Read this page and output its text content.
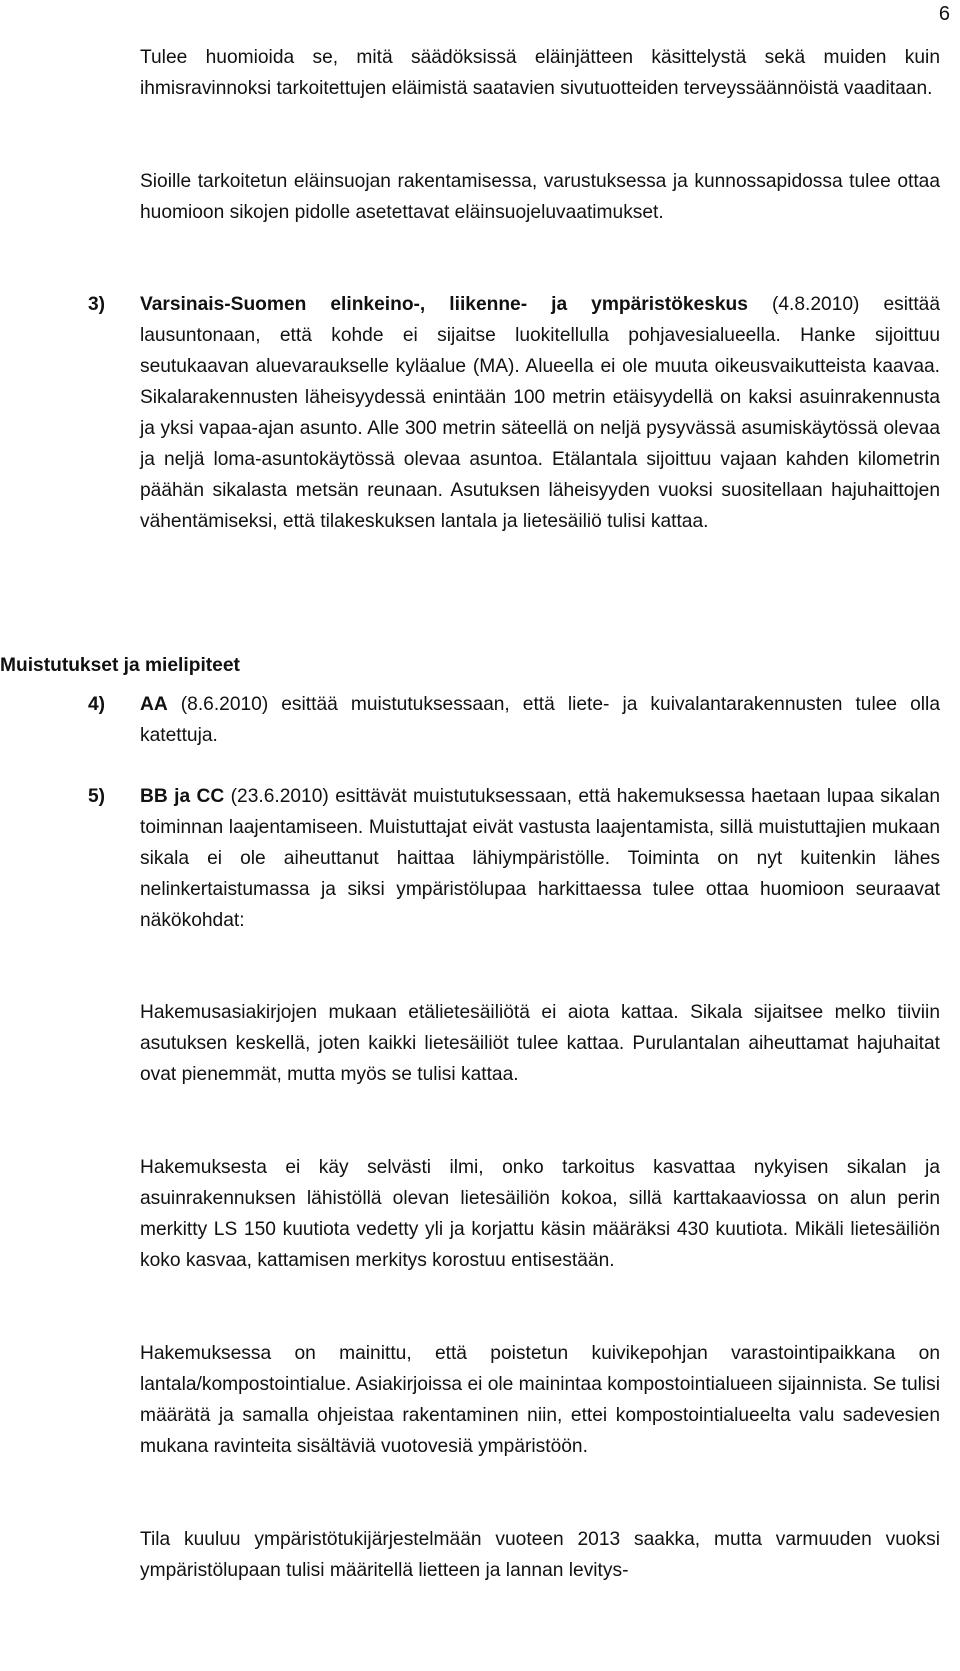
6

Tulee huomioida se, mitä säädöksissä eläinjätteen käsittelystä sekä muiden kuin ihmisravinnoksi tarkoitettujen eläimistä saatavien sivutuotteiden terveyssäännöistä vaaditaan.

Sioille tarkoitetun eläinsuojan rakentamisessa, varustuksessa ja kunnossapidossa tulee ottaa huomioon sikojen pidolle asetettavat eläinsuojeluvaatimukset.

3) Varsinais-Suomen elinkeino-, liikenne- ja ympäristökeskus (4.8.2010) esittää lausuntonaan, että kohde ei sijaitse luokitellulla pohjavesialueella. Hanke sijoittuu seutukaavan aluevaraukselle kyläalue (MA). Alueella ei ole muuta oikeusvaikutteista kaavaa. Sikalarakennusten läheisyydessä enintään 100 metrin etäisyydellä on kaksi asuinrakennusta ja yksi vapaa-ajan asunto. Alle 300 metrin säteellä on neljä pysyvässä asumiskäytössä olevaa ja neljä loma-asuntokäytössä olevaa asuntoa. Etälantala sijoittuu vajaan kahden kilometrin päähän sikalasta metsän reunaan. Asutuksen läheisyyden vuoksi suositellaan hajuhaittojen vähentämiseksi, että tilakeskuksen lantala ja lietesäiliö tulisi kattaa.
Muistutukset ja mielipiteet
4) AA (8.6.2010) esittää muistutuksessaan, että liete- ja kuivalantarakennusten tulee olla katettuja.
5) BB ja CC (23.6.2010) esittävät muistutuksessaan, että hakemuksessa haetaan lupaa sikalan toiminnan laajentamiseen. Muistuttajat eivät vastusta laajentamista, sillä muistuttajien mukaan sikala ei ole aiheuttanut haittaa lähiympäristölle. Toiminta on nyt kuitenkin lähes nelinkertaistumassa ja siksi ympäristölupaa harkittaessa tulee ottaa huomioon seuraavat näkökohdat:

Hakemusasiakirjojen mukaan etälietesäiliötä ei aiota kattaa. Sikala sijaitsee melko tiiviin asutuksen keskellä, joten kaikki lietesäiliöt tulee kattaa. Purulantalan aiheuttamat hajuhaitat ovat pienemmät, mutta myös se tulisi kattaa.

Hakemuksesta ei käy selvästi ilmi, onko tarkoitus kasvattaa nykyisen sikalan ja asuinrakennuksen lähistöllä olevan lietesäiliön kokoa, sillä karttakaaviossa on alun perin merkitty LS 150 kuutiota vedetty yli ja korjattu käsin määräksi 430 kuutiota. Mikäli lietesäiliön koko kasvaa, kattamisen merkitys korostuu entisestään.

Hakemuksessa on mainittu, että poistetun kuivikepohjan varastointipaikkana on lantala/kompostointialue. Asiakirjoissa ei ole mainintaa kompostointialueen sijainnista. Se tulisi määrätä ja samalla ohjeistaa rakentaminen niin, ettei kompostointialueelta valu sadevesien mukana ravinteita sisältäviä vuotovesiä ympäristöön.

Tila kuuluu ympäristötukijärjestelmään vuoteen 2013 saakka, mutta varmuuden vuoksi ympäristölupaan tulisi määritellä lietteen ja lannan levitys-
